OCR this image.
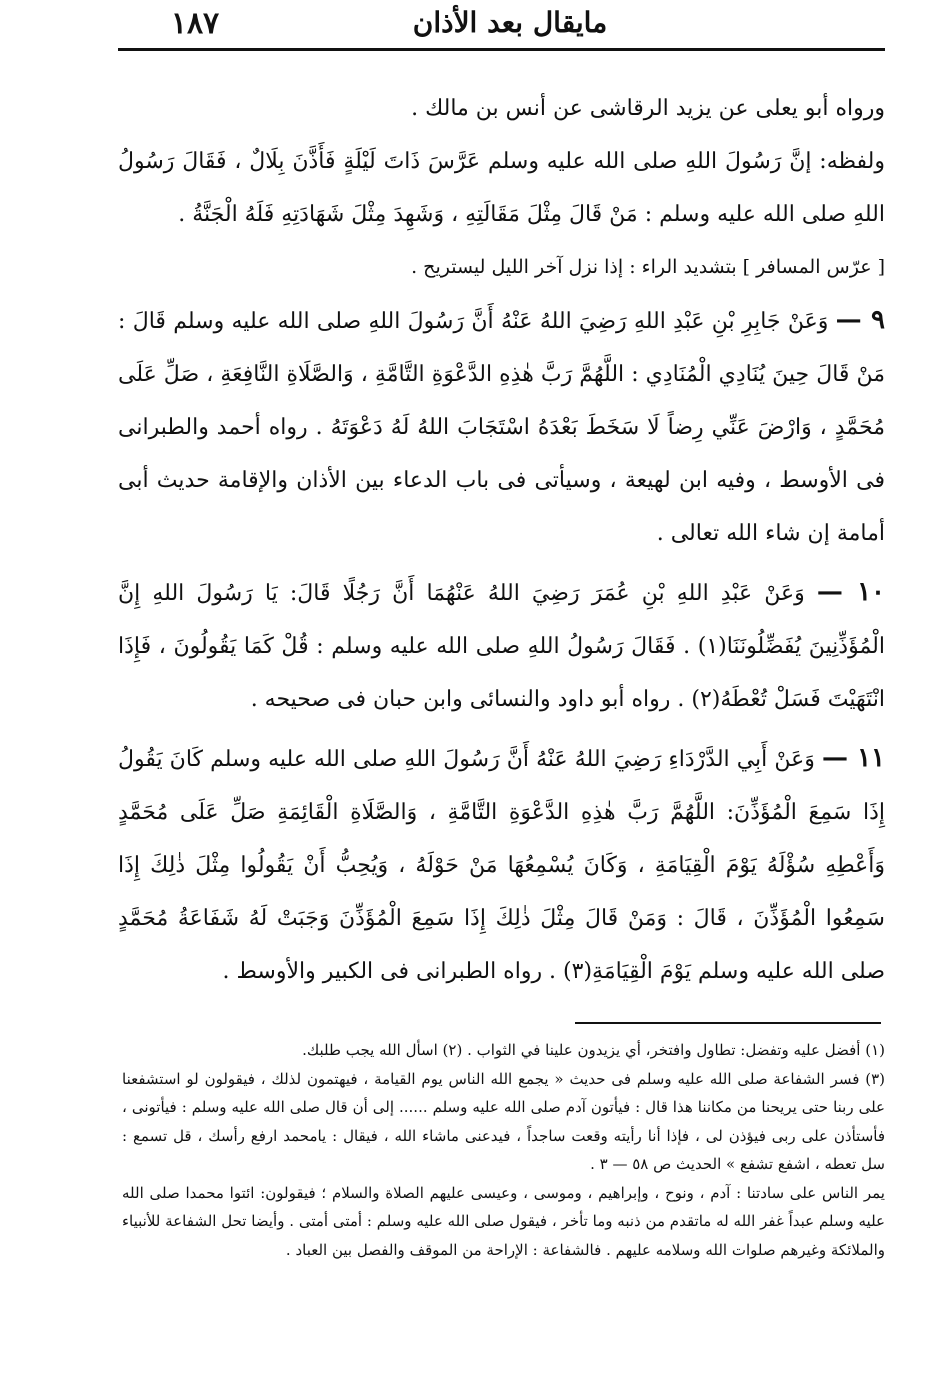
١٨٧	مايقال بعد الأذان

ورواه أبو يعلى عن يزيد الرقاشى عن أنس بن مالك .

ولفظه: إنَّ رَسُولَ اللهِ صلى الله عليه وسلم عَرَّسَ ذَاتَ لَيْلَةٍ فَأَذَّنَ بِلَالٌ ، فَقَالَ رَسُولُ اللهِ صلى الله عليه وسلم : مَنْ قَالَ مِثْلَ مَقَالَتِهِ ، وَشَهِدَ مِثْلَ شَهَادَتِهِ فَلَهُ الْجَنَّةُ .

[ عرّس المسافر ] بتشديد الراء : إذا نزل آخر الليل ليستريح .

٩ — وَعَنْ جَابِرِ بْنِ عَبْدِ اللهِ رَضِيَ اللهُ عَنْهُ أَنَّ رَسُولَ اللهِ صلى الله عليه وسلم قَالَ : مَنْ قَالَ حِينَ يُنَادِي الْمُنَادِي : اللَّهُمَّ رَبَّ هٰذِهِ الدَّعْوَةِ التَّامَّةِ ، وَالصَّلَاةِ النَّافِعَةِ ، صَلِّ عَلَى مُحَمَّدٍ ، وَارْضَ عَنِّي رِضاً لَا سَخَطَ بَعْدَهُ اسْتَجَابَ اللهُ لَهُ دَعْوَتَهُ . رواه أحمد والطبرانى فى الأوسط ، وفيه ابن لهيعة ، وسيأتى فى باب الدعاء بين الأذان والإقامة حديث أبى أمامة إن شاء الله تعالى .

١٠ — وَعَنْ عَبْدِ اللهِ بْنِ عُمَرَ رَضِيَ اللهُ عَنْهُمَا أَنَّ رَجُلًا قَالَ: يَا رَسُولَ اللهِ إِنَّ الْمُؤَذِّنِينَ يُفَضِّلُونَنَا(١) . فَقَالَ رَسُولُ اللهِ صلى الله عليه وسلم : قُلْ كَمَا يَقُولُونَ ، فَإِذَا انْتَهَيْتَ فَسَلْ تُعْطَهُ(٢) . رواه أبو داود والنسائى وابن حبان فى صحيحه .

١١ — وَعَنْ أَبِي الدَّرْدَاءِ رَضِيَ اللهُ عَنْهُ أَنَّ رَسُولَ اللهِ صلى الله عليه وسلم كَانَ يَقُولُ إِذَا سَمِعَ الْمُؤَذِّنَ: اللَّهُمَّ رَبَّ هٰذِهِ الدَّعْوَةِ التَّامَّةِ ، وَالصَّلَاةِ الْقَائِمَةِ صَلِّ عَلَى مُحَمَّدٍ وَأَعْطِهِ سُؤْلَهُ يَوْمَ الْقِيَامَةِ ، وَكَانَ يُسْمِعُهَا مَنْ حَوْلَهُ ، وَيُحِبُّ أَنْ يَقُولُوا مِثْلَ ذٰلِكَ إِذَا سَمِعُوا الْمُؤَذِّنَ ، قَالَ : وَمَنْ قَالَ مِثْلَ ذٰلِكَ إِذَا سَمِعَ الْمُؤَذِّنَ وَجَبَتْ لَهُ شَفَاعَةُ مُحَمَّدٍ صلى الله عليه وسلم يَوْمَ الْقِيَامَةِ(٣) . رواه الطبرانى فى الكبير والأوسط .

(١) أفضل عليه وتفضل: تطاول وافتخر، أي يزيدون علينا في الثواب . (٢) اسأل الله يجب طلبك.

(٣) فسر الشفاعة صلى الله عليه وسلم فى حديث « يجمع الله الناس يوم القيامة ، فيهتمون لذلك ، فيقولون لو استشفعنا على ربنا حتى يريحنا من مكاننا هذا قال : فيأتون آدم صلى الله عليه وسلم ...... إلى أن قال صلى الله عليه وسلم : فيأتونى ، فأستأذن على ربى فيؤذن لى ، فإذا أنا رأيته وقعت ساجداً ، فيدعنى ماشاء الله ، فيقال : يامحمد ارفع رأسك ، قل تسمع : سل تعطه ، اشفع تشفع » الحديث ص ٥٨ — ٣ .

يمر الناس على سادتنا : آدم ، ونوح ، وإبراهيم ، وموسى ، وعيسى عليهم الصلاة والسلام ؛ فيقولون: ائتوا محمدا صلى الله عليه وسلم عبداً غفر الله له ماتقدم من ذنبه وما تأخر ، فيقول صلى الله عليه وسلم : أمتى أمتى . وأيضا تحل الشفاعة للأنبياء والملائكة وغيرهم صلوات الله وسلامه عليهم . فالشفاعة : الإراحة من الموقف والفصل بين العباد .
